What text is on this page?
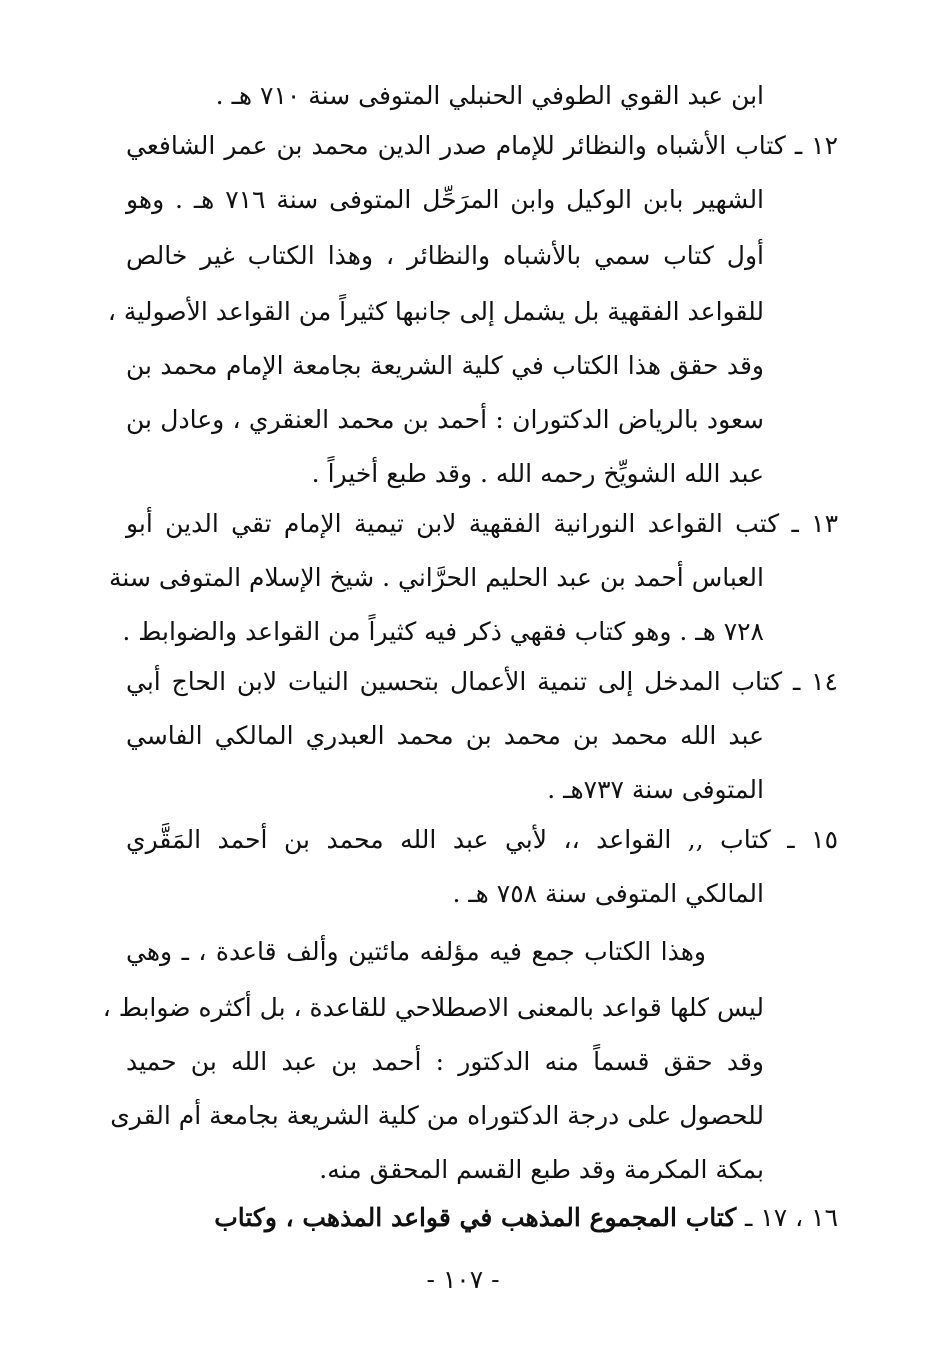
ابن عبد القوي الطوفي الحنبلي المتوفى سنة ٧١٠ هـ .
١٢ ـ كتاب الأشباه والنظائر للإمام صدر الدين محمد بن عمر الشافعي
الشهير بابن الوكيل وابن المرَحِّل المتوفى سنة ٧١٦ هـ . وهو
أول كتاب سمي بالأشباه والنظائر ، وهذا الكتاب غير خالص
للقواعد الفقهية بل يشمل إلى جانبها كثيراً من القواعد الأصولية ،
وقد حقق هذا الكتاب في كلية الشريعة بجامعة الإمام محمد بن
سعود بالرياض الدكتوران : أحمد بن محمد العنقري ، وعادل بن
عبد الله الشويِّخ رحمه الله . وقد طبع أخيراً .
١٣ ـ كتب القواعد النورانية الفقهية لابن تيمية الإمام تقي الدين أبو
العباس أحمد بن عبد الحليم الحرَّاني . شيخ الإسلام المتوفى سنة
٧٢٨ هـ . وهو كتاب فقهي ذكر فيه كثيراً من القواعد والضوابط .
١٤ ـ كتاب المدخل إلى تنمية الأعمال بتحسين النيات لابن الحاج أبي
عبد الله محمد بن محمد بن محمد العبدري المالكي الفاسي
المتوفى سنة ٧٣٧هـ .
١٥ ـ كتاب ,, القواعد ،، لأبي عبد الله محمد بن أحمد المَقَّري
المالكي المتوفى سنة ٧٥٨ هـ .
وهذا الكتاب جمع فيه مؤلفه مائتين وألف قاعدة ، ـ وهي
ليس كلها قواعد بالمعنى الاصطلاحي للقاعدة ، بل أكثره ضوابط ،
وقد حقق قسماً منه الدكتور : أحمد بن عبد الله بن حميد
للحصول على درجة الدكتوراه من كلية الشريعة بجامعة أم القرى
بمكة المكرمة وقد طبع القسم المحقق منه.
١٦ ، ١٧ ـ كتاب المجموع المذهب في قواعد المذهب ، وكتاب
- ١٠٧ -
